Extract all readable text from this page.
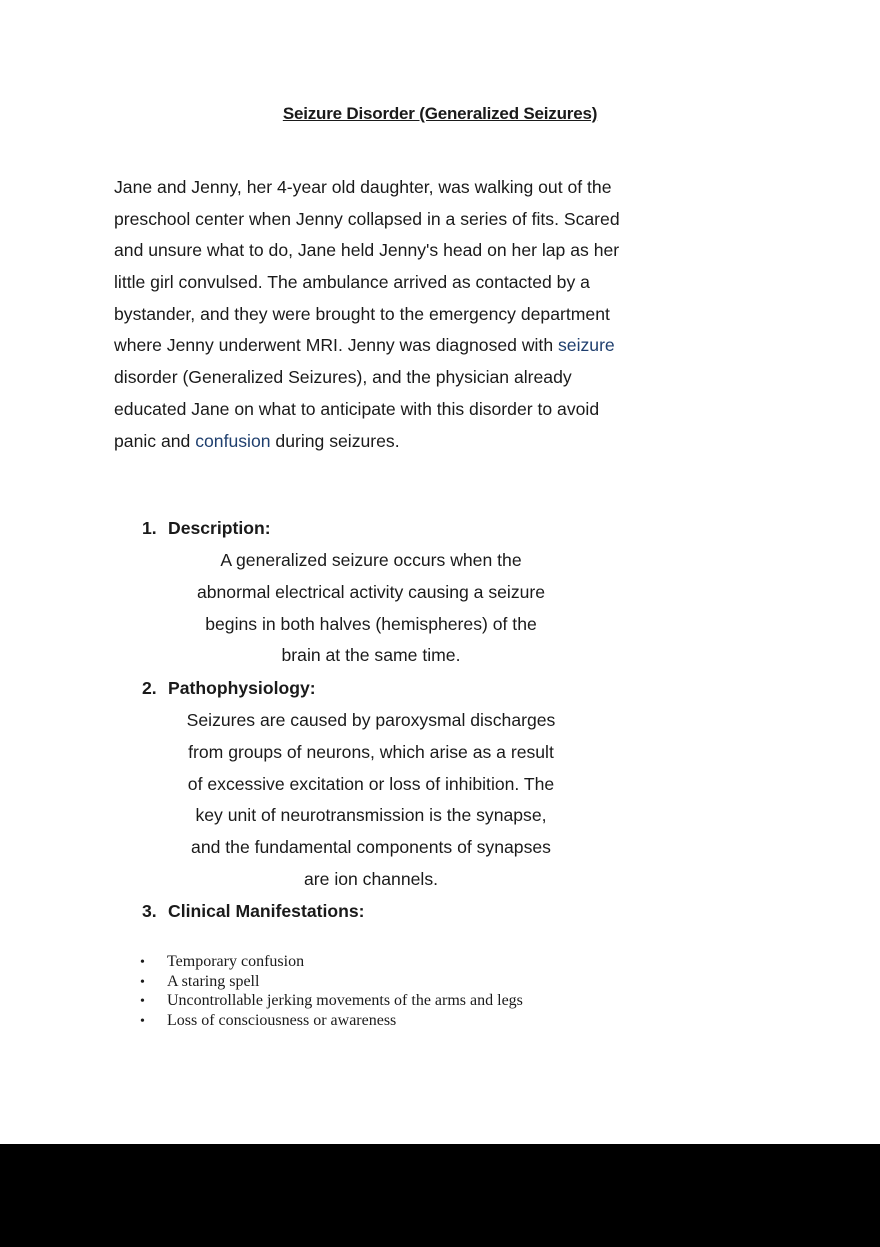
Seizure Disorder (Generalized Seizures)
Jane and Jenny, her 4-year old daughter, was walking out of the
preschool center when Jenny collapsed in a series of fits. Scared
and unsure what to do, Jane held Jenny's head on her lap as her
little girl convulsed. The ambulance arrived as contacted by a
bystander, and they were brought to the emergency department
where Jenny underwent MRI. Jenny was diagnosed with seizure
disorder (Generalized Seizures), and the physician already
educated Jane on what to anticipate with this disorder to avoid
panic and confusion during seizures.
1. Description:
A generalized seizure occurs when the
abnormal electrical activity causing a seizure
begins in both halves (hemispheres) of the
brain at the same time.
2. Pathophysiology:
Seizures are caused by paroxysmal discharges
from groups of neurons, which arise as a result
of excessive excitation or loss of inhibition. The
key unit of neurotransmission is the synapse,
and the fundamental components of synapses
are ion channels.
3. Clinical Manifestations:
• Temporary confusion
• A staring spell
• Uncontrollable jerking movements of the arms and legs
• Loss of consciousness or awareness
